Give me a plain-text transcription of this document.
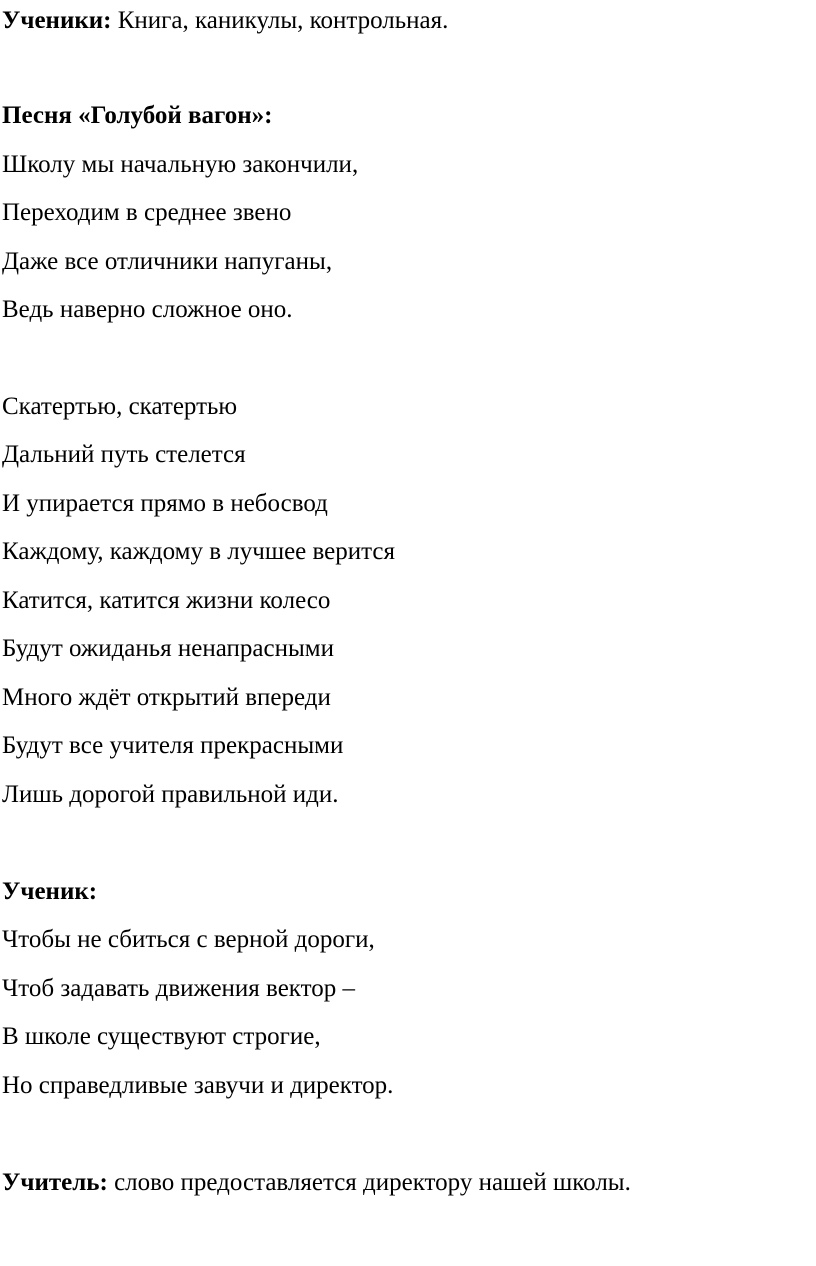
Ученики: Книга, каникулы, контрольная.

Песня «Голубой вагон»:

Школу мы начальную закончили,

Переходим в среднее звено

Даже все отличники напуганы,

Ведь наверно сложное оно.

Скатертью, скатертью

Дальний путь стелется

И упирается прямо в небосвод

Каждому, каждому в лучшее верится

Катится, катится жизни колесо

Будут ожиданья ненапрасными

Много ждёт открытий впереди

Будут все учителя прекрасными

Лишь дорогой правильной иди.

Ученик:

Чтобы не сбиться с верной дороги,

Чтоб задавать движения вектор –

В школе существуют строгие,

Но справедливые завучи и директор.

Учитель: слово предоставляется директору нашей школы.
